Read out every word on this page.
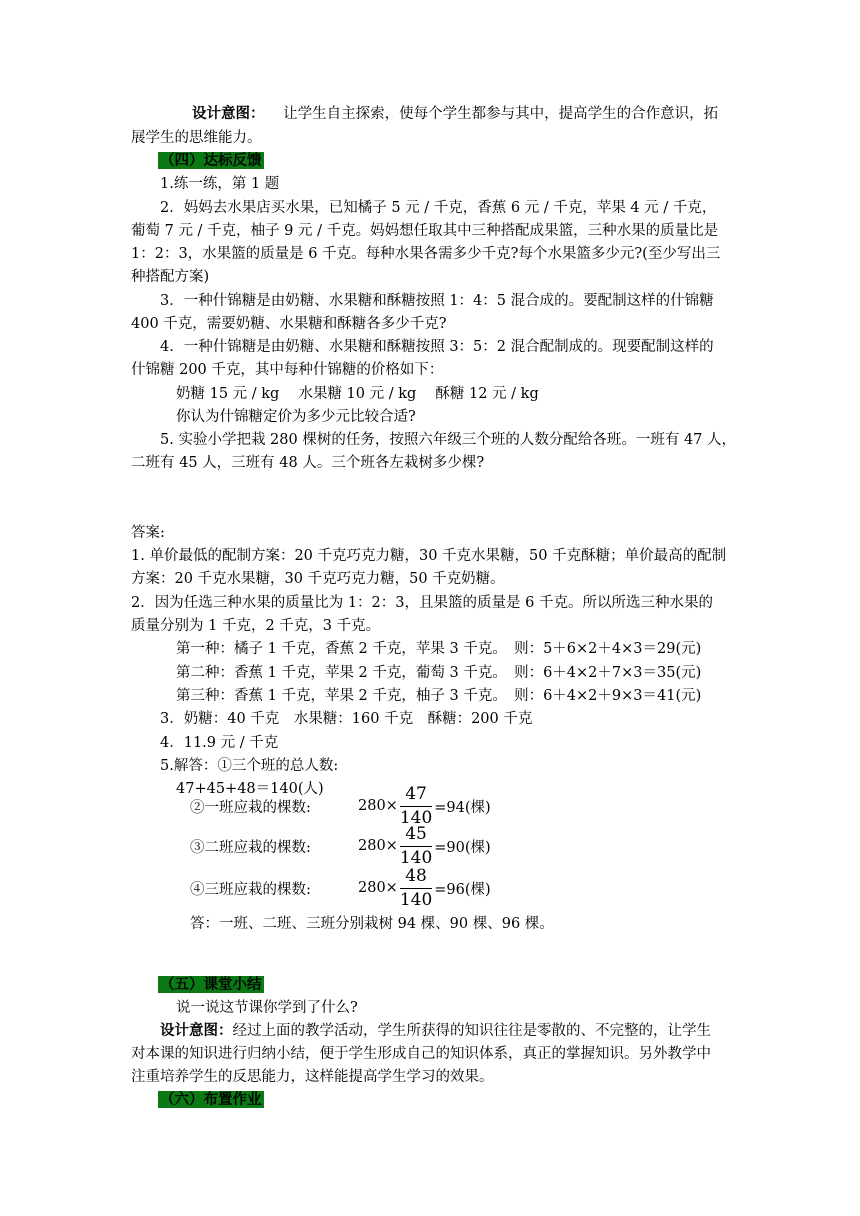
设计意图： 让学生自主探索，使每个学生都参与其中，提高学生的合作意识，拓
展学生的思维能力。
（四）达标反馈
1.练一练，第 1 题
2．妈妈去水果店买水果，已知橘子 5 元 / 千克，香蕉 6 元 / 千克，苹果 4 元 / 千克，
葡萄 7 元 / 千克，柚子 9 元 / 千克。妈妈想任取其中三种搭配成果篮，三种水果的质量比是
1：2：3，水果篮的质量是 6 千克。每种水果各需多少千克?每个水果篮多少元?(至少写出三
种搭配方案)
3．一种什锦糖是由奶糖、水果糖和酥糖按照 1：4：5 混合成的。要配制这样的什锦糖
400 千克，需要奶糖、水果糖和酥糖各多少千克?
4．一种什锦糖是由奶糖、水果糖和酥糖按照 3：5：2 混合配制成的。现要配制这样的
什锦糖 200 千克，其中每种什锦糖的价格如下：
奶糖 15 元 / kg　 水果糖 10 元 / kg　 酥糖 12 元 / kg
你认为什锦糖定价为多少元比较合适?
5. 实验小学把栽 280 棵树的任务，按照六年级三个班的人数分配给各班。一班有 47 人，
二班有 45 人，三班有 48 人。三个班各左栽树多少棵?
答案:
1. 单价最低的配制方案：20 千克巧克力糖，30 千克水果糖，50 千克酥糖；单价最高的配制
方案：20 千克水果糖，30 千克巧克力糖，50 千克奶糖。
2．因为任选三种水果的质量比为 1：2：3，且果篮的质量是 6 千克。所以所选三种水果的
质量分别为 1 千克，2 千克，3 千克。
第一种：橘子 1 千克，香蕉 2 千克，苹果 3 千克。　则：5＋6×2＋4×3＝29(元)
第二种：香蕉 1 千克，苹果 2 千克，葡萄 3 千克。　则：6＋4×2＋7×3＝35(元)
第三种：香蕉 1 千克，苹果 2 千克，柚子 3 千克。　则：6＋4×2＋9×3＝41(元)
3．奶糖：40 千克　水果糖：160 千克　酥糖：200 千克
4．11.9 元 / 千克
5.解答：①三个班的总人数:
47+45+48＝140(人)
②一班应栽的棵数:	$280\times \frac{47}{140} =94$(棵)
③二班应栽的棵数:	$280\times \frac{45}{140} =90$(棵)
④三班应栽的棵数:	$280\times \frac{48}{140} =96$(棵)
答：一班、二班、三班分别栽树 94 棵、90 棵、96 棵。
（五）课堂小结
说一说这节课你学到了什么?
设计意图：经过上面的教学活动，学生所获得的知识往往是零散的、不完整的，让学生
对本课的知识进行归纳小结，便于学生形成自己的知识体系，真正的掌握知识。另外教学中
注重培养学生的反思能力，这样能提高学生学习的效果。
（六）布置作业
